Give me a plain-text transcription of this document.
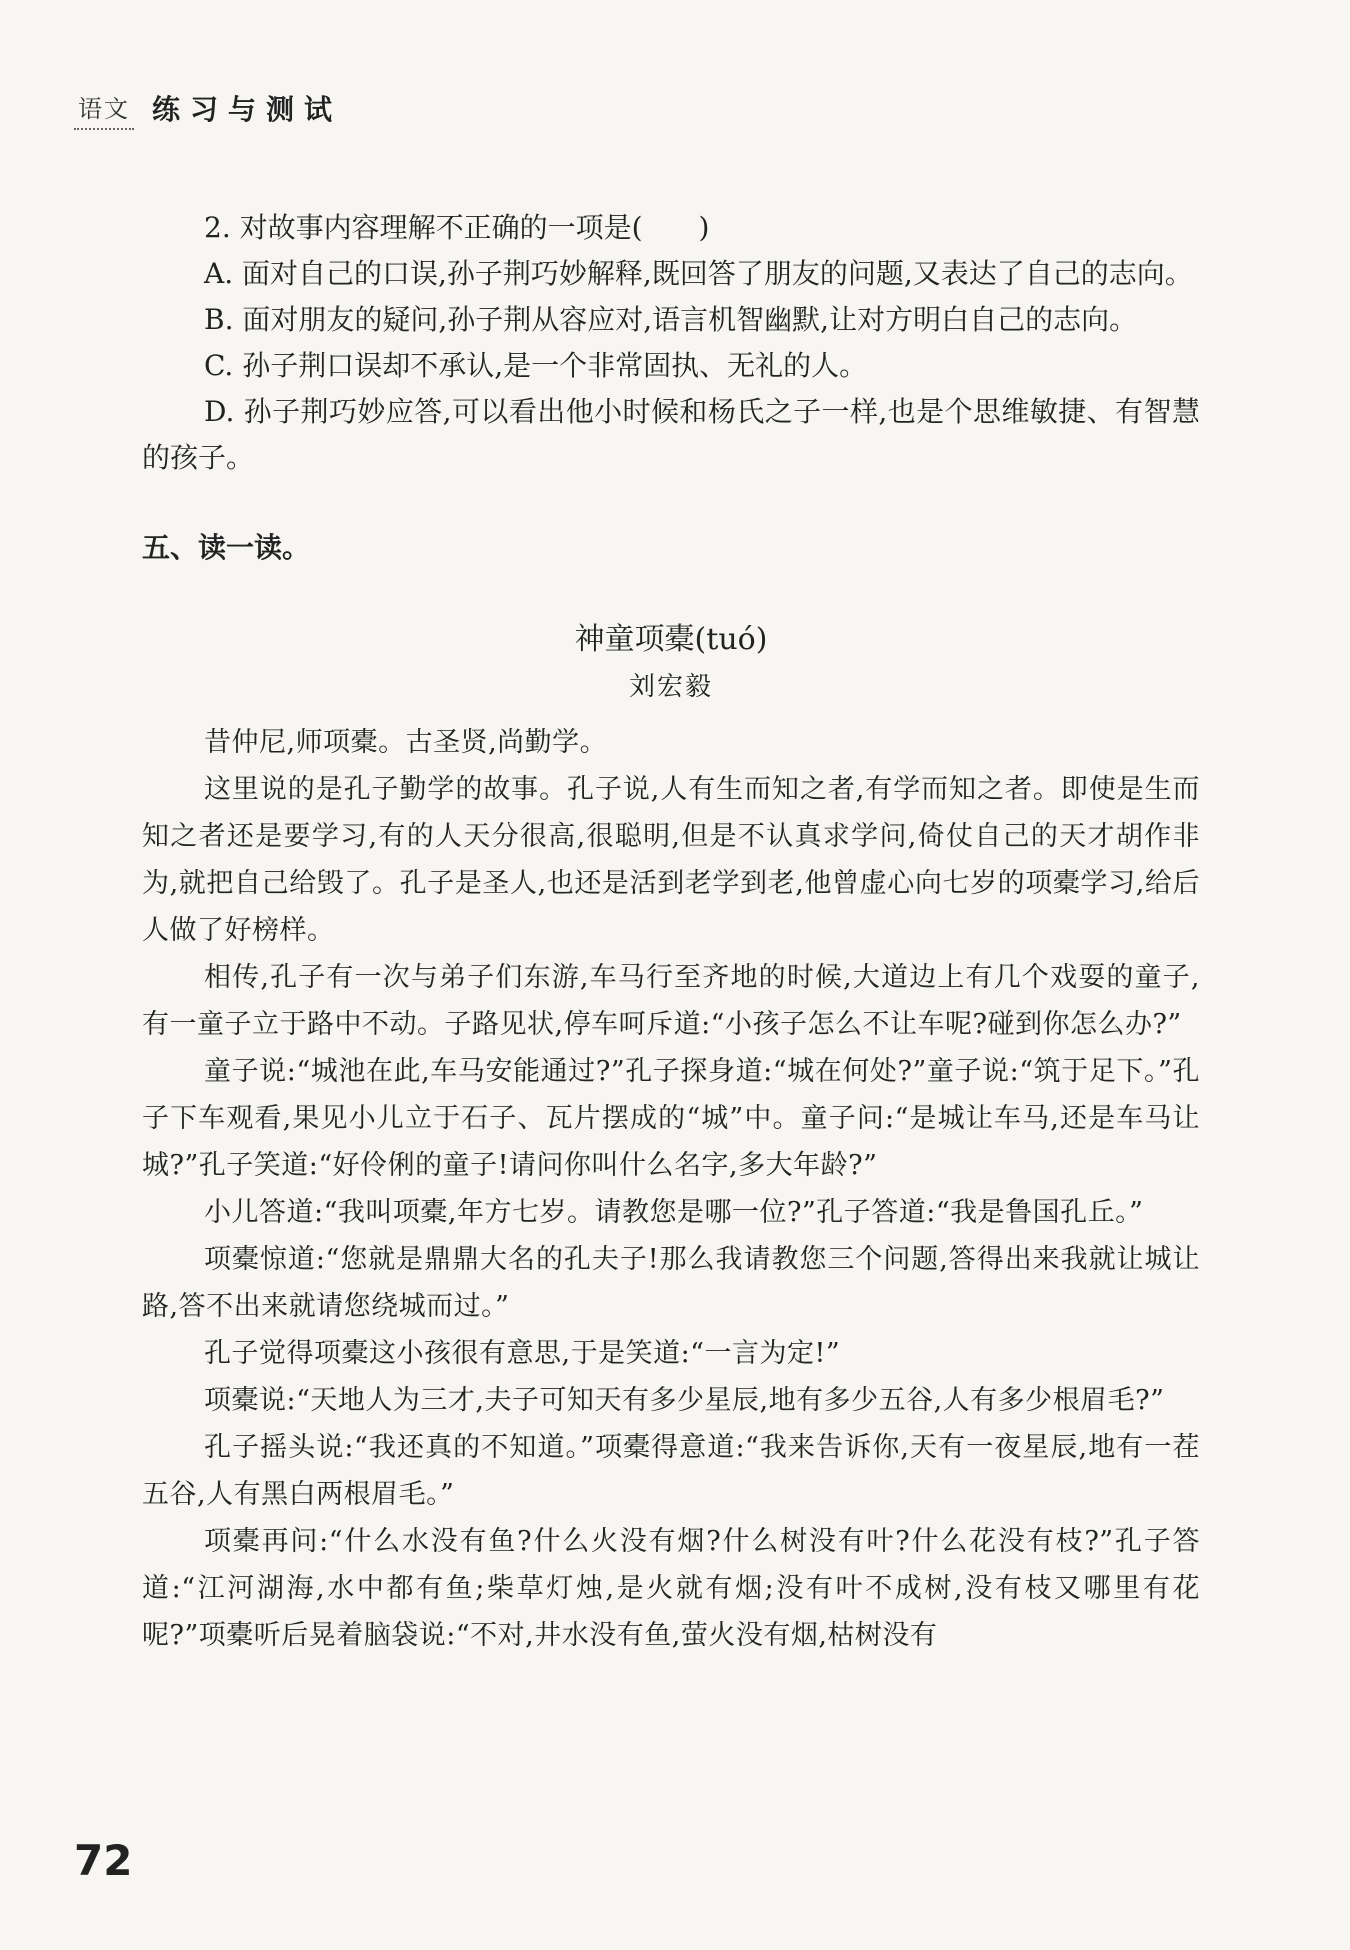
语文 练习与测试

2. 对故事内容理解不正确的一项是(　　)

A. 面对自己的口误,孙子荆巧妙解释,既回答了朋友的问题,又表达了自己的志向。

B. 面对朋友的疑问,孙子荆从容应对,语言机智幽默,让对方明白自己的志向。

C. 孙子荆口误却不承认,是一个非常固执、无礼的人。

D. 孙子荆巧妙应答,可以看出他小时候和杨氏之子一样,也是个思维敏捷、有智慧的孩子。

五、读一读。
神童项橐(tuó)
刘宏毅

昔仲尼,师项橐。古圣贤,尚勤学。

这里说的是孔子勤学的故事。孔子说,人有生而知之者,有学而知之者。即使是生而知之者还是要学习,有的人天分很高,很聪明,但是不认真求学问,倚仗自己的天才胡作非为,就把自己给毁了。孔子是圣人,也还是活到老学到老,他曾虚心向七岁的项橐学习,给后人做了好榜样。

相传,孔子有一次与弟子们东游,车马行至齐地的时候,大道边上有几个戏耍的童子,有一童子立于路中不动。子路见状,停车呵斥道:“小孩子怎么不让车呢?碰到你怎么办?”

童子说:“城池在此,车马安能通过?”孔子探身道:“城在何处?”童子说:“筑于足下。”孔子下车观看,果见小儿立于石子、瓦片摆成的“城”中。童子问:“是城让车马,还是车马让城?”孔子笑道:“好伶俐的童子!请问你叫什么名字,多大年龄?”

小儿答道:“我叫项橐,年方七岁。请教您是哪一位?”孔子答道:“我是鲁国孔丘。”

项橐惊道:“您就是鼎鼎大名的孔夫子!那么我请教您三个问题,答得出来我就让城让路,答不出来就请您绕城而过。”

孔子觉得项橐这小孩很有意思,于是笑道:“一言为定!”

项橐说:“天地人为三才,夫子可知天有多少星辰,地有多少五谷,人有多少根眉毛?”

孔子摇头说:“我还真的不知道。”项橐得意道:“我来告诉你,天有一夜星辰,地有一茬五谷,人有黑白两根眉毛。”

项橐再问:“什么水没有鱼?什么火没有烟?什么树没有叶?什么花没有枝?”孔子答道:“江河湖海,水中都有鱼;柴草灯烛,是火就有烟;没有叶不成树,没有枝又哪里有花呢?”项橐听后晃着脑袋说:“不对,井水没有鱼,萤火没有烟,枯树没有

72
